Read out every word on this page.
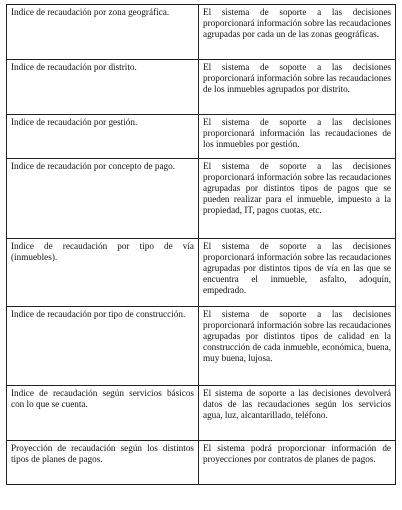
Indice de recaudación por zona geográfica.	El sistema de soporte a las decisiones proporcionará información sobre las recaudaciones agrupadas por cada un de las zonas geográficas.
Indice de recaudación por distrito.	El sistema de soporte a las decisiones proporcionará información sobre las recaudaciones de los inmuebles agrupados por distrito.
Indice de recaudación por gestión.	El sistema de soporte a las decisiones proporcionará información las recaudaciones de los inmuebles por gestión.
Indice de recaudación por concepto de pago.	El sistema de soporte a las decisiones proporcionará información sobre las recaudaciones agrupadas por distintos tipos de pagos que se pueden realizar para el inmueble, impuesto a la propiedad, IT, pagos cuotas, etc.
Indice de recaudación por tipo de vía (inmuebles).	El sistema de soporte a las decisiones proporcionará información sobre las recaudaciones agrupadas por distintos tipos de vía en las que se encuentra el inmueble, asfalto, adoquín, empedrado.
Indice de recaudación por tipo de construcción.	El sistema de soporte a las decisiones proporcionará información sobre las recaudaciones agrupadas por distintos tipos de calidad en la construcción de cada inmueble, económica, buena, muy buena, lujosa.
Indice de recaudación según servicios básicos con lo que se cuenta.	El sistema de soporte a las decisiones devolverá datos de las recaudaciones según los servicios agua, luz, alcantarillado, teléfono.
Proyección de recaudación según los distintos tipos de planes de pagos.	El sistema podrá proporcionar información de proyecciones por contratos de planes de pagos.
